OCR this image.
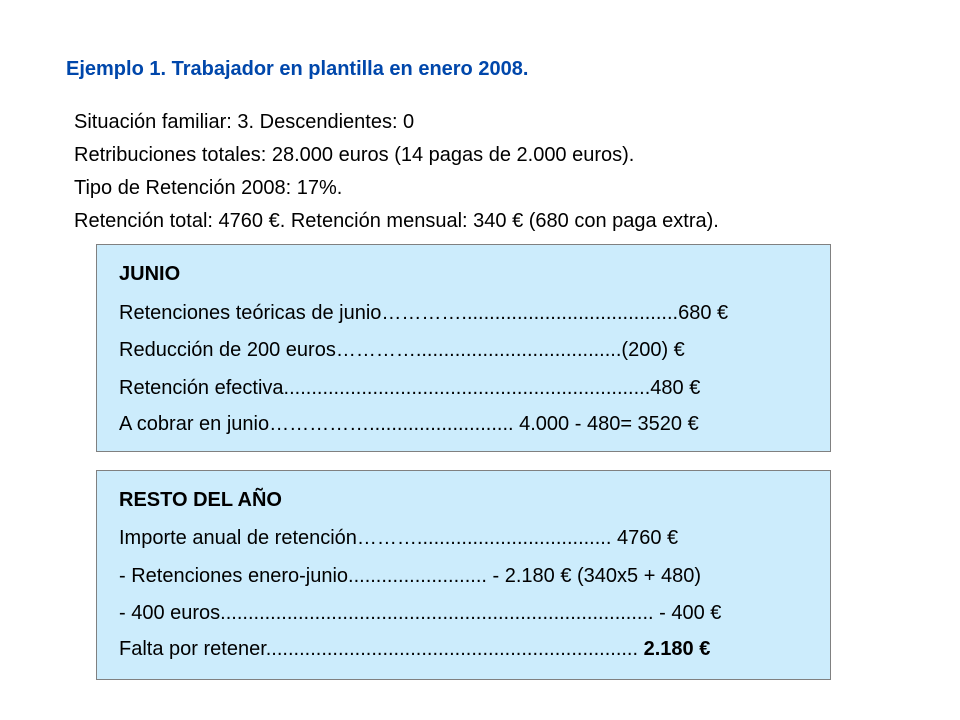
Ejemplo 1. Trabajador en plantilla en enero 2008.
Situación familiar: 3. Descendientes: 0
Retribuciones totales: 28.000 euros (14 pagas de 2.000 euros).
Tipo de Retención 2008: 17%.
Retención total: 4760 €. Retención mensual: 340 € (680 con paga extra).
JUNIO
Retenciones teóricas de junio………….......................................680 €
Reducción de 200 euros………….....................................(200) €
Retención efectiva..................................................................480 €
A cobrar en junio…………….......................... 4.000 - 480= 3520 €
RESTO DEL AÑO
Importe anual de retención………................................... 4760 €
- Retenciones enero-junio......................... - 2.180 € (340x5 + 480)
- 400 euros.............................................................................. - 400 €
Falta por retener................................................................... 2.180 €
